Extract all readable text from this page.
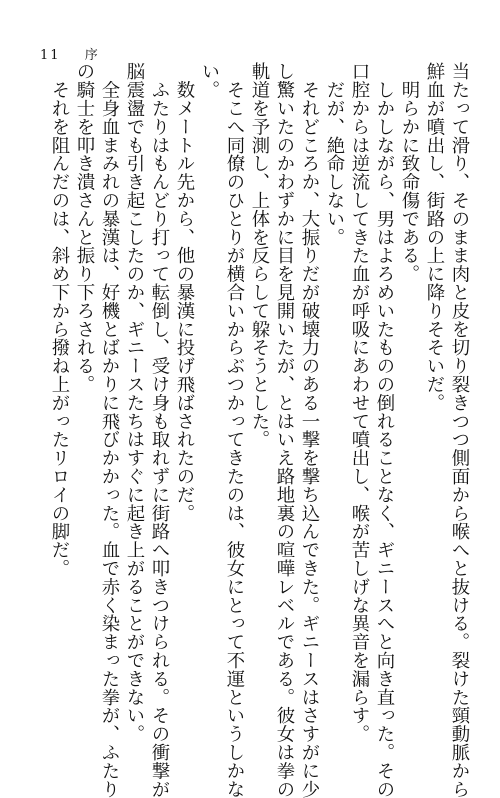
11 序
当たって滑り、そのまま肉と皮を切り裂きつつ側面から喉へと抜ける。裂けた頸動脈から
鮮血が噴出し、街路の上に降りそそいだ。
　明らかに致命傷である。
　しかしながら、男はよろめいたものの倒れることなく、ギニースへと向き直った。その
口腔からは逆流してきた血が呼吸にあわせて噴出し、喉が苦しげな異音を漏らす。
　だが、絶命しない。
　それどころか、大振りだが破壊力のある一撃を撃ち込んできた。ギニースはさすがに少
し驚いたのかわずかに目を見開いたが、とはいえ路地裏の喧嘩レベルである。彼女は拳の
軌道を予測し、上体を反らして躱そうとした。
　そこへ同僚のひとりが横合いからぶつかってきたのは、彼女にとって不運というしかな
い。
　数メートル先から、他の暴漢に投げ飛ばされたのだ。
　ふたりはもんどり打って転倒し、受け身も取れずに街路へ叩きつけられる。その衝撃が
脳震盪でも引き起こしたのか、ギニースたちはすぐに起き上がることができない。
　全身血まみれの暴漢は、好機とばかりに飛びかかった。血で赤く染まった拳が、ふたり
の騎士を叩き潰さんと振り下ろされる。
　それを阻んだのは、斜め下から撥ね上がったリロイの脚だ。
